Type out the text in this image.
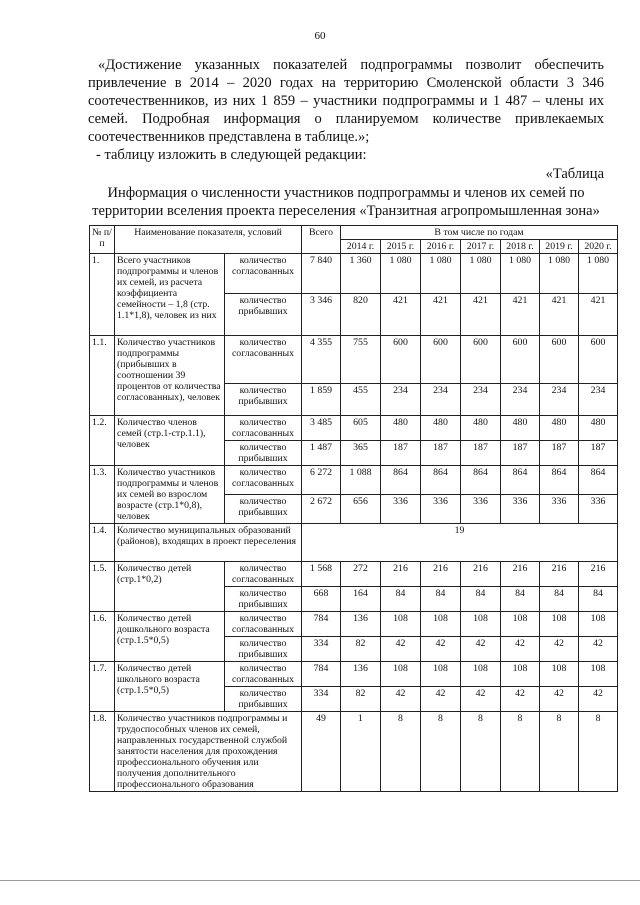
60

«Достижение указанных показателей подпрограммы позволит обеспечить привлечение в 2014 – 2020 годах на территорию Смоленской области 3 346 соотечественников, из них 1 859 – участники подпрограммы и 1 487 – члены их семей. Подробная информация о планируемом количестве привлекаемых соотечественников представлена в таблице.»;

- таблицу изложить в следующей редакции:
«Таблица
Информация о численности участников подпрограммы и членов их семей по территории вселения проекта переселения «Транзитная агропромышленная зона»
№ п/п	Наименование показателя, условий		Всего	В том числе по годам						
				2014 г.	2015 г.	2016 г.	2017 г.	2018 г.	2019 г.	2020 г.
1.	Всего участников подпрограммы и членов их семей, из расчета коэффициента семейности – 1,8 (стр. 1.1*1,8), человек из них	количество согласованных	7 840	1 360	1 080	1 080	1 080	1 080	1 080	1 080
		количество прибывших	3 346	820	421	421	421	421	421	421
1.1.	Количество участников подпрограммы (прибывших в соотношении 39 процентов от количества согласованных), человек	количество согласованных	4 355	755	600	600	600	600	600	600
		количество прибывших	1 859	455	234	234	234	234	234	234
1.2.	Количество членов семей (стр.1-стр.1.1), человек	количество согласованных	3 485	605	480	480	480	480	480	480
		количество прибывших	1 487	365	187	187	187	187	187	187
1.3.	Количество участников подпрограммы и членов их семей во взрослом возрасте (стр.1*0,8), человек	количество согласованных	6 272	1 088	864	864	864	864	864	864
		количество прибывших	2 672	656	336	336	336	336	336	336
1.4.	Количество муниципальных образований (районов), входящих в проект переселения		19							
1.5.	Количество детей (стр.1*0,2)	количество согласованных	1 568	272	216	216	216	216	216	216
		количество прибывших	668	164	84	84	84	84	84	84
1.6.	Количество детей дошкольного возраста (стр.1.5*0,5)	количество согласованных	784	136	108	108	108	108	108	108
		количество прибывших	334	82	42	42	42	42	42	42
1.7.	Количество детей школьного возраста (стр.1.5*0,5)	количество согласованных	784	136	108	108	108	108	108	108
		количество прибывших	334	82	42	42	42	42	42	42
1.8.	Количество участников подпрограммы и трудоспособных членов их семей, направленных государственной службой занятости населения для прохождения профессионального обучения или получения дополнительного профессионального образования		49	1	8	8	8	8	8	8
